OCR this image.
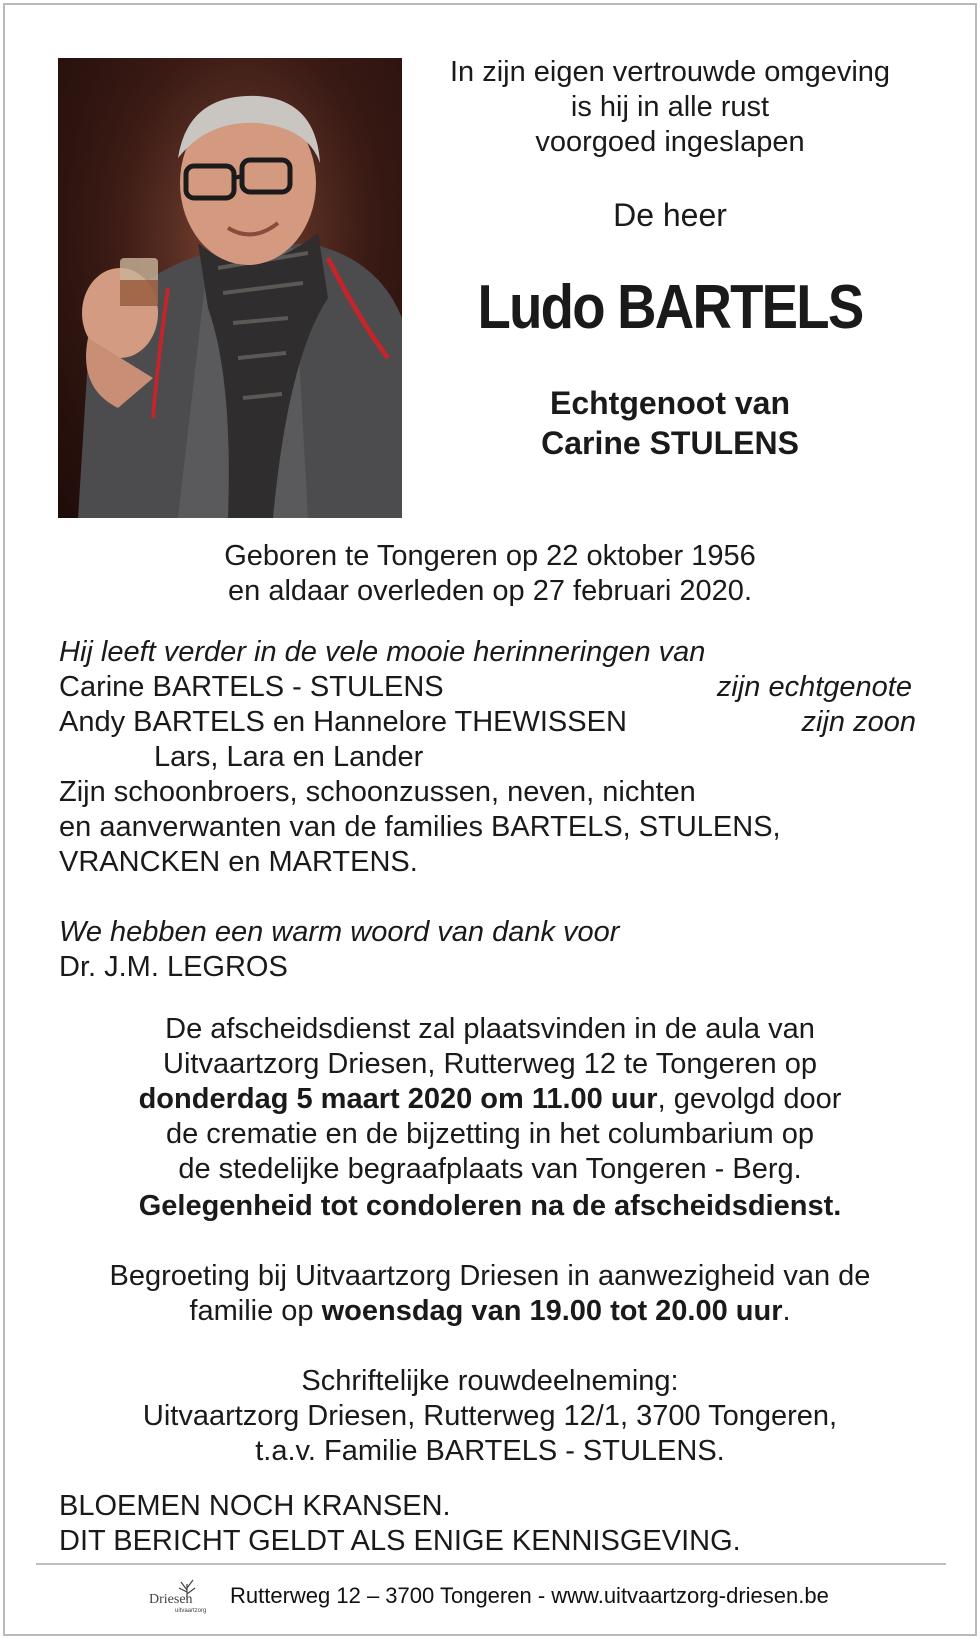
In zijn eigen vertrouwde omgeving
is hij in alle rust
voorgoed ingeslapen
De heer
Ludo BARTELS
Echtgenoot van
Carine STULENS
Geboren te Tongeren op 22 oktober 1956
en aldaar overleden op 27 februari 2020.
Hij leeft verder in de vele mooie herinneringen van
Carine BARTELS - STULENS	zijn echtgenote
Andy BARTELS en Hannelore THEWISSEN	zijn zoon
Lars, Lara en Lander
Zijn schoonbroers, schoonzussen, neven, nichten
en aanverwanten van de families BARTELS, STULENS,
VRANCKEN en MARTENS.
We hebben een warm woord van dank voor
Dr. J.M. LEGROS
De afscheidsdienst zal plaatsvinden in de aula van
Uitvaartzorg Driesen, Rutterweg 12 te Tongeren op
donderdag 5 maart 2020 om 11.00 uur, gevolgd door
de crematie en de bijzetting in het columbarium op
de stedelijke begraafplaats van Tongeren - Berg.
Gelegenheid tot condoleren na de afscheidsdienst.
Begroeting bij Uitvaartzorg Driesen in aanwezigheid van de
familie op woensdag van 19.00 tot 20.00 uur.
Schriftelijke rouwdeelneming:
Uitvaartzorg Driesen, Rutterweg 12/1, 3700 Tongeren,
t.a.v. Familie BARTELS - STULENS.
BLOEMEN NOCH KRANSEN.
DIT BERICHT GELDT ALS ENIGE KENNISGEVING.
Driesen
uitvaartzorg
Rutterweg 12 – 3700 Tongeren - www.uitvaartzorg-driesen.be
